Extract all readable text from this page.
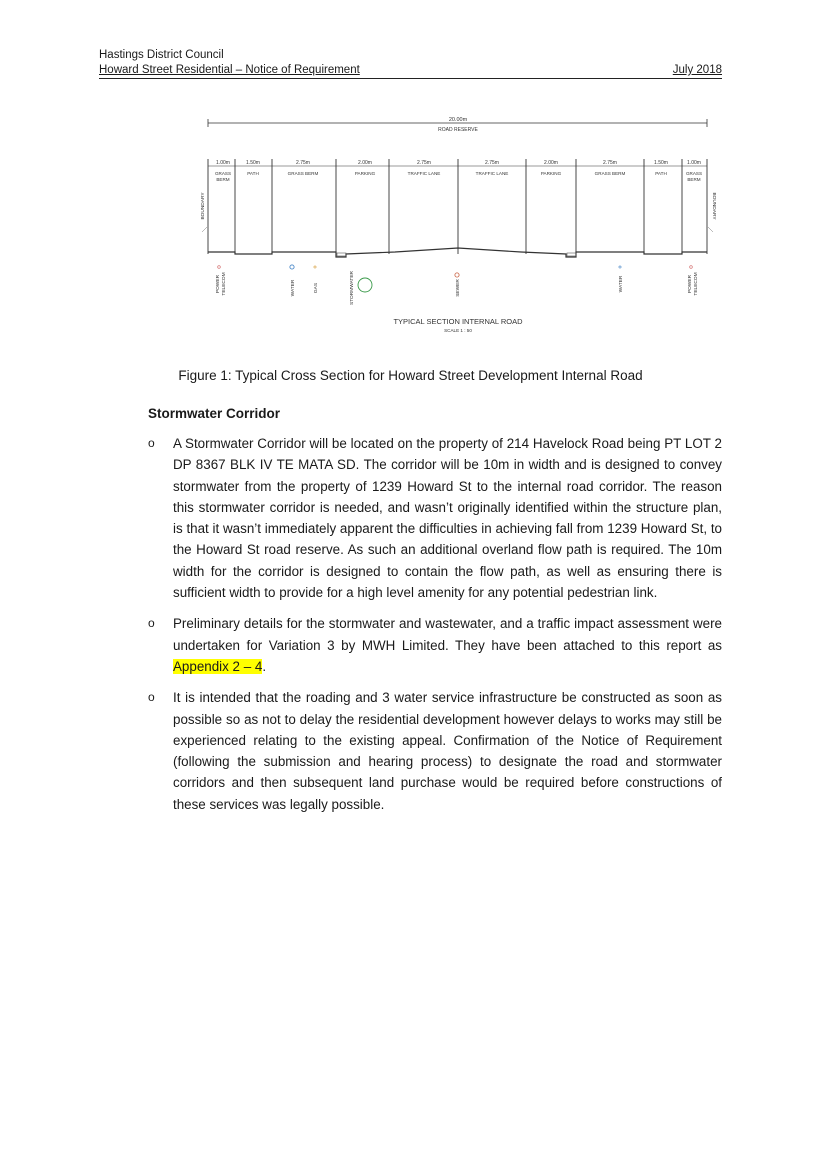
Hastings District Council
Howard Street Residential – Notice of Requirement	July 2018
20.00m
ROAD RESERVE
1.00m	1.50m	2.75m	2.00m	2.75m	2.75m	2.00m	2.75m	1.50m	1.00m
GRASS
BERM
PATH	GRASS BERM	PARKING	TRAFFIC LANE	TRAFFIC LANE	PARKING	GRASS BERM	PATH	GRASS
BERM
BOUNDARY	BOUNDARY
POWER TELECOM	WATER	GAS	STORMWATER	SEWER	WATER	POWER TELECOM
TYPICAL SECTION INTERNAL ROAD
SCALE 1 : 50
Figure 1: Typical Cross Section for Howard Street Development Internal Road
Stormwater Corridor
o	A Stormwater Corridor will be located on the property of 214 Havelock Road being PT LOT 2 DP 8367 BLK IV TE MATA SD. The corridor will be 10m in width and is designed to convey stormwater from the property of 1239 Howard St to the internal road corridor. The reason this stormwater corridor is needed, and wasn’t originally identified within the structure plan, is that it wasn’t immediately apparent the difficulties in achieving fall from 1239 Howard St, to the Howard St road reserve. As such an additional overland flow path is required. The 10m width for the corridor is designed to contain the flow path, as well as ensuring there is sufficient width to provide for a high level amenity for any potential pedestrian link.
o	Preliminary details for the stormwater and wastewater, and a traffic impact assessment were undertaken for Variation 3 by MWH Limited. They have been attached to this report as Appendix 2 – 4.
o	It is intended that the roading and 3 water service infrastructure be constructed as soon as possible so as not to delay the residential development however delays to works may still be experienced relating to the existing appeal. Confirmation of the Notice of Requirement (following the submission and hearing process) to designate the road and stormwater corridors and then subsequent land purchase would be required before constructions of these services was legally possible.
